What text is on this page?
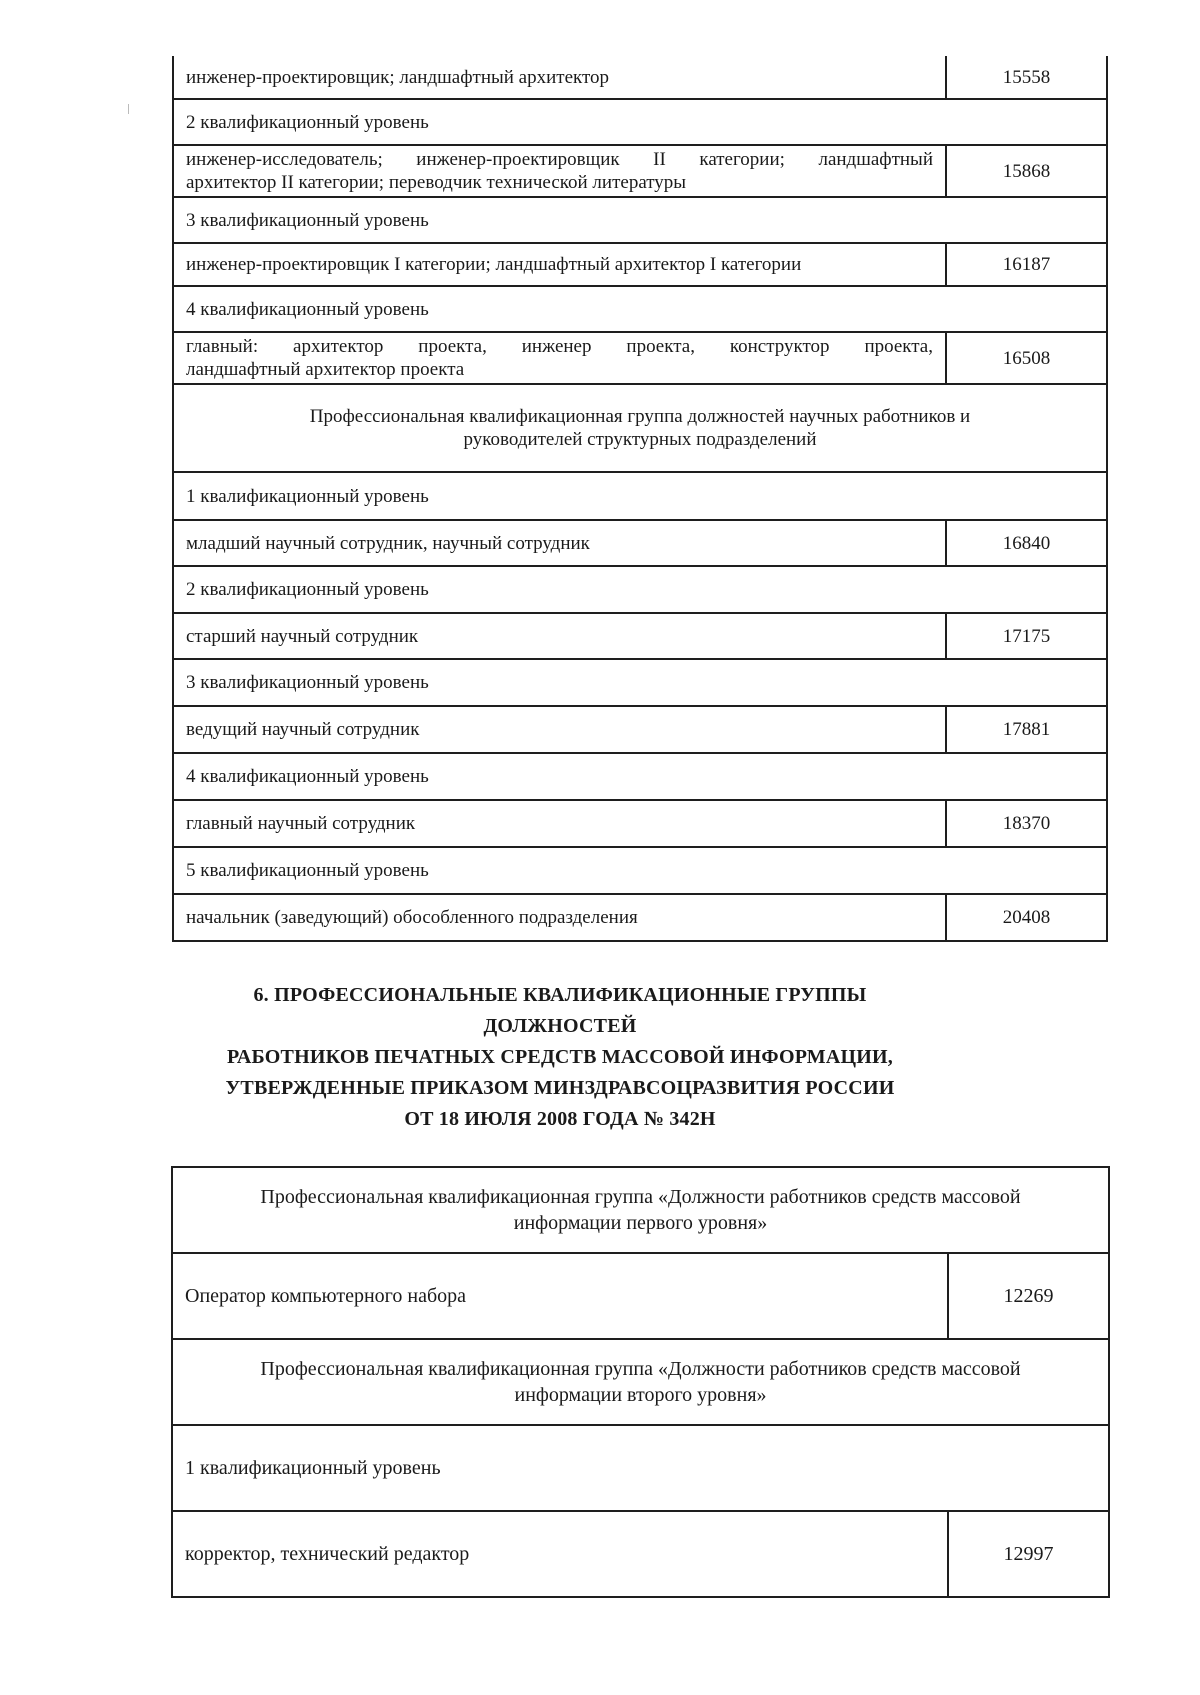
инженер-проектировщик; ландшафтный архитектор	15558
2 квалификационный уровень	
инженер-исследователь; инженер-проектировщик II категории; ландшафтный
архитектор II категории; переводчик технической литературы	15868
3 квалификационный уровень	
инженер-проектировщик I категории; ландшафтный архитектор I категории	16187
4 квалификационный уровень	
главный: архитектор проекта, инженер проекта, конструктор проекта,
ландшафтный архитектор проекта	16508

Профессиональная квалификационная группа должностей научных работников и
руководителей структурных подразделений	

1 квалификационный уровень	
младший научный сотрудник, научный сотрудник	16840
2 квалификационный уровень	
старший научный сотрудник	17175
3 квалификационный уровень	
ведущий научный сотрудник	17881
4 квалификационный уровень	
главный научный сотрудник	18370
5 квалификационный уровень	
начальник (заведующий) обособленного подразделения	20408
6. ПРОФЕССИОНАЛЬНЫЕ КВАЛИФИКАЦИОННЫЕ ГРУППЫ
ДОЛЖНОСТЕЙ
РАБОТНИКОВ ПЕЧАТНЫХ СРЕДСТВ МАССОВОЙ ИНФОРМАЦИИ,
УТВЕРЖДЕННЫЕ ПРИКАЗОМ МИНЗДРАВСОЦРАЗВИТИЯ РОССИИ
ОТ 18 ИЮЛЯ 2008 ГОДА № 342Н
Профессиональная квалификационная группа «Должности работников средств массовой
информации первого уровня»	

Оператор компьютерного набора	12269

Профессиональная квалификационная группа «Должности работников средств массовой
информации второго уровня»	

1 квалификационный уровень	
корректор, технический редактор	12997
